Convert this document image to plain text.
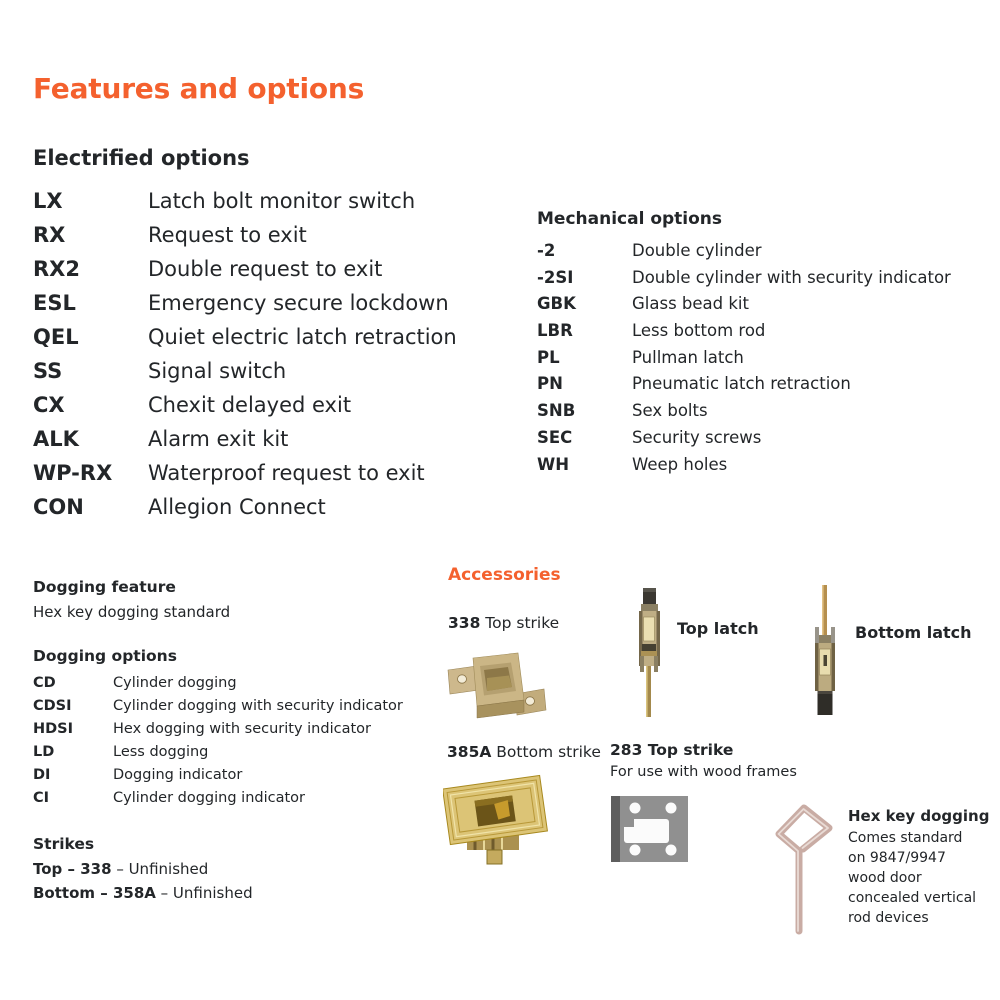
Features and options
Electrified options
LX	Latch bolt monitor switch
RX	Request to exit
RX2	Double request to exit
ESL	Emergency secure lockdown
QEL	Quiet electric latch retraction
SS	Signal switch
CX	Chexit delayed exit
ALK	Alarm exit kit
WP-RX	Waterproof request to exit
CON	Allegion Connect
Mechanical options
-2	Double cylinder
-2SI	Double cylinder with security indicator
GBK	Glass bead kit
LBR	Less bottom rod
PL	Pullman latch
PN	Pneumatic latch retraction
SNB	Sex bolts
SEC	Security screws
WH	Weep holes
Dogging feature
Hex key dogging standard
Dogging options
CD	Cylinder dogging
CDSI	Cylinder dogging with security indicator
HDSI	Hex dogging with security indicator
LD	Less dogging
DI	Dogging indicator
CI	Cylinder dogging indicator
Strikes
Top – 338 – Unfinished
Bottom – 358A – Unfinished
Accessories
338 Top strike	Top latch	Bottom latch
385A Bottom strike 283 Top strike
For use with wood frames
Hex key dogging
Comes standard
on 9847/9947
wood door
concealed vertical
rod devices
